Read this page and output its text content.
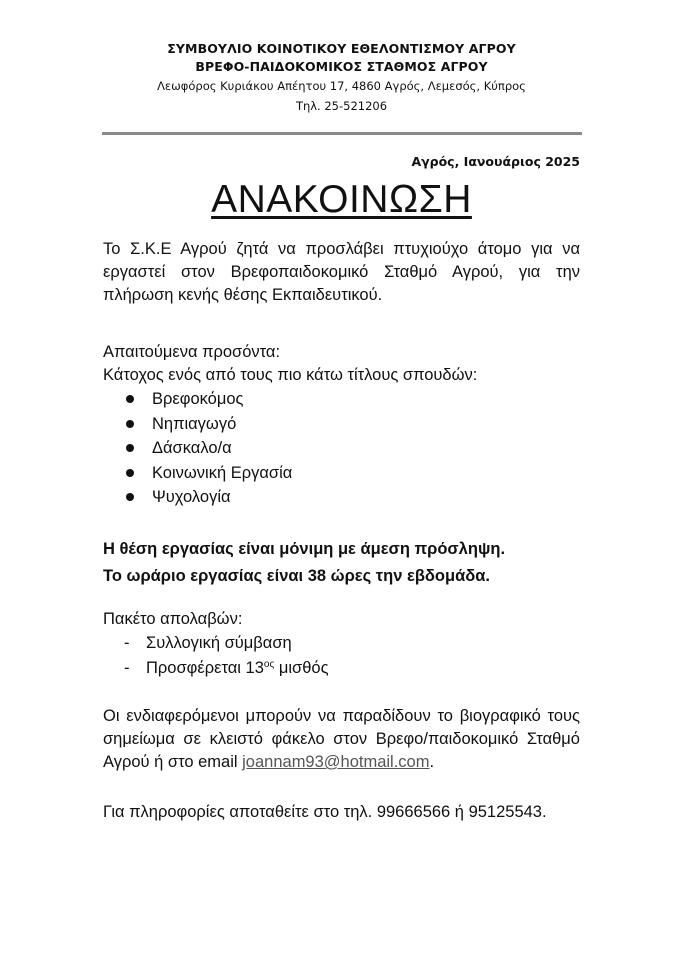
ΣΥΜΒΟΥΛΙΟ ΚΟΙΝΟΤΙΚΟΥ ΕΘΕΛΟΝΤΙΣΜΟΥ ΑΓΡΟΥ
ΒΡΕΦΟ-ΠΑΙΔΟΚΟΜΙΚΟΣ ΣΤΑΘΜΟΣ ΑΓΡΟΥ
Λεωφόρος Κυριάκου Απέητου 17, 4860 Αγρός, Λεμεσός, Κύπρος
Τηλ. 25-521206
Αγρός, Ιανουάριος 2025
ΑΝΑΚΟΙΝΩΣΗ
Το Σ.Κ.Ε Αγρού ζητά να προσλάβει πτυχιούχο άτομο για να εργαστεί στον Βρεφοπαιδοκομικό Σταθμό Αγρού, για την πλήρωση κενής θέσης Εκπαιδευτικού.
Απαιτούμενα προσόντα:
Κάτοχος ενός από τους πιο κάτω τίτλους σπουδών:
Βρεφοκόμος
Νηπιαγωγό
Δάσκαλο/α
Κοινωνική Εργασία
Ψυχολογία
Η θέση εργασίας είναι μόνιμη με άμεση πρόσληψη.
Το ωράριο εργασίας είναι 38 ώρες την εβδομάδα.
Πακέτο απολαβών:
- Συλλογική σύμβαση
- Προσφέρεται $13^{o\varsigma}$ μισθός
Οι ενδιαφερόμενοι μπορούν να παραδίδουν το βιογραφικό τους σημείωμα σε κλειστό φάκελο στον Βρεφο/παιδοκομικό Σταθμό Αγρού ή στο email joannam93@hotmail.com.
Για πληροφορίες αποταθείτε στο τηλ. 99666566 ή 95125543.
